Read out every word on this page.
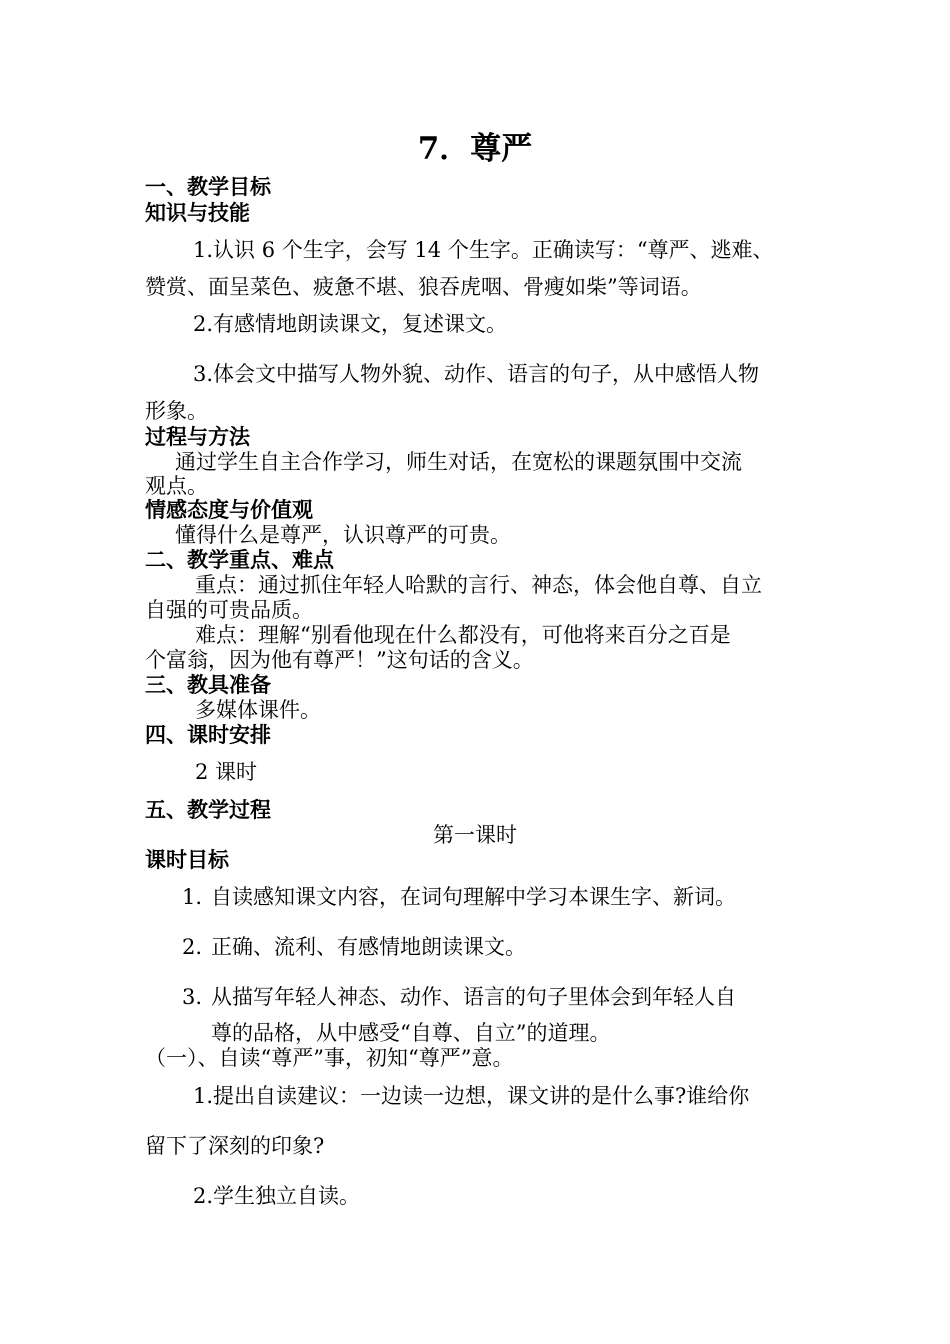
7．尊严

一、教学目标

知识与技能

1.认识 6 个生字，会写 14 个生字。正确读写：“尊严、逃难、

赞赏、面呈菜色、疲惫不堪、狼吞虎咽、骨瘦如柴”等词语。

2.有感情地朗读课文，复述课文。

3.体会文中描写人物外貌、动作、语言的句子，从中感悟人物

形象。

过程与方法

通过学生自主合作学习，师生对话，在宽松的课题氛围中交流

观点。

情感态度与价值观

懂得什么是尊严，认识尊严的可贵。

二、教学重点、难点

重点：通过抓住年轻人哈默的言行、神态，体会他自尊、自立

自强的可贵品质。

难点：理解“别看他现在什么都没有，可他将来百分之百是

个富翁，因为他有尊严！”这句话的含义。

三、教具准备

多媒体课件。

四、课时安排

2 课时

五、教学过程

第一课时

课时目标

1. 自读感知课文内容，在词句理解中学习本课生字、新词。

2. 正确、流利、有感情地朗读课文。

3. 从描写年轻人神态、动作、语言的句子里体会到年轻人自

尊的品格，从中感受“自尊、自立”的道理。

（一）、自读“尊严”事，初知“尊严”意。

1.提出自读建议：一边读一边想，课文讲的是什么事?谁给你

留下了深刻的印象?

2.学生独立自读。
